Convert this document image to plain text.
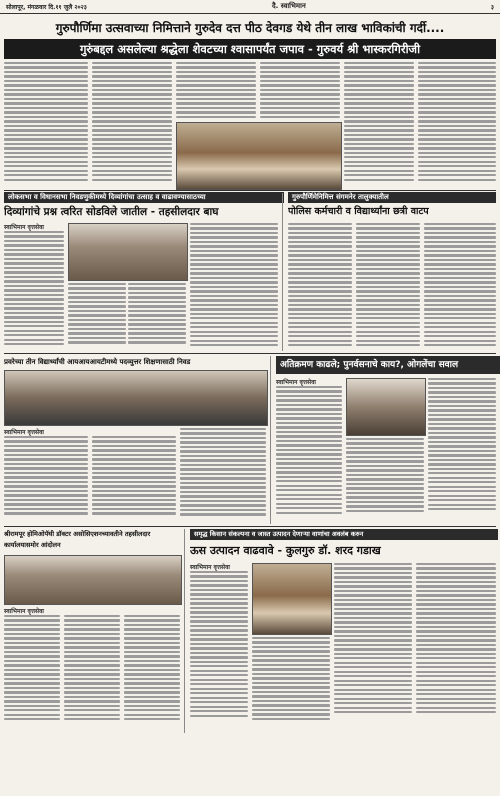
सोलापूर, मंगळवार दि.११ जुलै २०२३	दै. स्वाभिमान	३
गुरुपौर्णिमा उत्सवाच्या निमित्ताने गुरुदेव दत्त पीठ देवगड येथे तीन लाख भाविकांची गर्दी....
गुरुंबद्दल असलेल्या श्रद्धेला शेवटच्या श्वासापर्यंत जपाव - गुरुवर्य श्री भास्करगिरीजी
लोकसभा व विधानसभा निवडणुकीमध्ये दिव्यांगांचा उत्साह व वाढावण्यासाठच्या
दिव्यांगांचे प्रश्न त्वरित सोडविले जातील - तहसीलदार बाघ
स्वाभिमान वृत्तसेवा
गुरुपौर्णिमेनिमित्त संगमनेर तालुक्यातील
पोलिस कर्मचारी व विद्यार्थ्यांना छत्री वाटप
प्रवरेच्या तीन विद्यार्थ्यांची आयआयआयटीमध्ये पदव्युत्तर शिक्षणासाठी निवड
स्वाभिमान वृत्तसेवा
अतिक्रमण काढले; पुनर्वसनाचे काय?, ओगलेंचा सवाल
स्वाभिमान वृत्तसेवा
श्रीरामपूर होमिओपॅथी डॉक्टर असोसिएशनच्यावतीने तहसीलदार कार्यालयासमोर आंदोलन
स्वाभिमान वृत्तसेवा
समृद्ध किसान संकल्पना व जास्त उत्पादन देणाऱ्या वाणांचा अवलंब करुन
ऊस उत्पादन वाढवावे - कुलगुरु डॉ. शरद गडाख
स्वाभिमान वृत्तसेवा
